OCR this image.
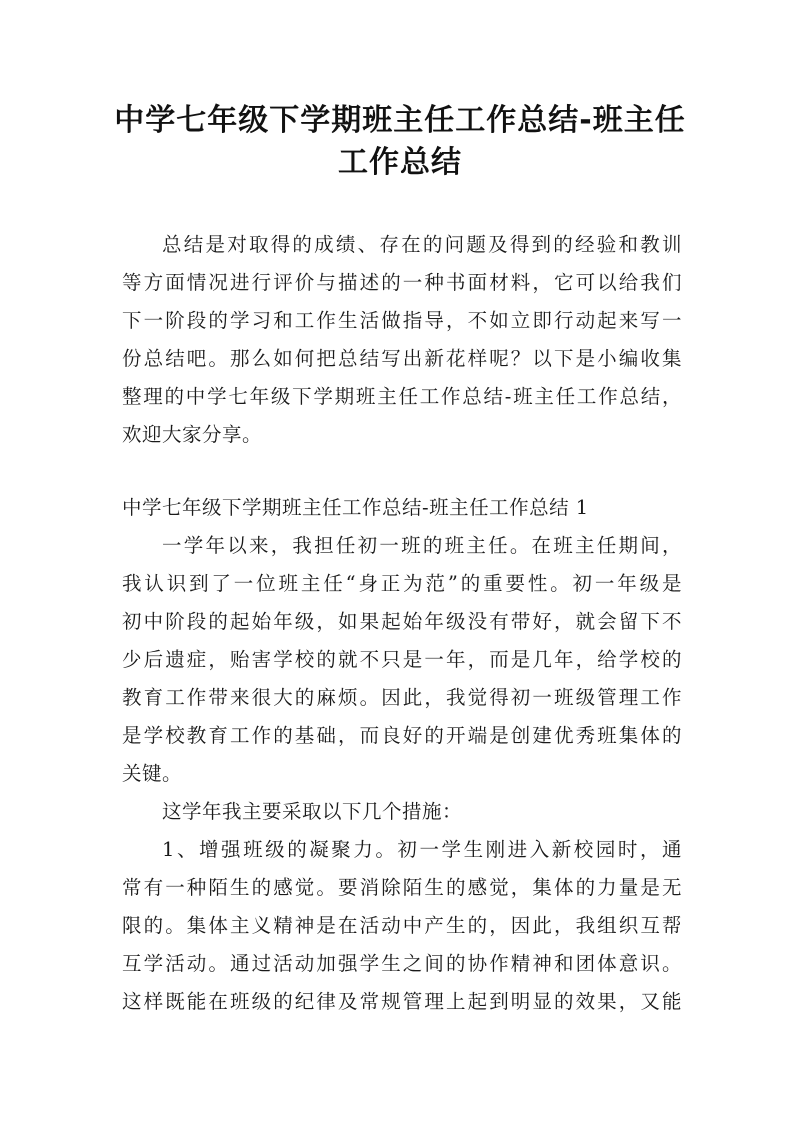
中学七年级下学期班主任工作总结-班主任
工作总结
总结是对取得的成绩、存在的问题及得到的经验和教训
等方面情况进行评价与描述的一种书面材料，它可以给我们
下一阶段的学习和工作生活做指导，不如立即行动起来写一
份总结吧。那么如何把总结写出新花样呢？以下是小编收集
整理的中学七年级下学期班主任工作总结-班主任工作总结，
欢迎大家分享。
中学七年级下学期班主任工作总结-班主任工作总结 1
一学年以来，我担任初一班的班主任。在班主任期间，
我认识到了一位班主任“身正为范”的重要性。初一年级是
初中阶段的起始年级，如果起始年级没有带好，就会留下不
少后遗症，贻害学校的就不只是一年，而是几年，给学校的
教育工作带来很大的麻烦。因此，我觉得初一班级管理工作
是学校教育工作的基础，而良好的开端是创建优秀班集体的
关键。
这学年我主要采取以下几个措施：
1、增强班级的凝聚力。初一学生刚进入新校园时，通
常有一种陌生的感觉。要消除陌生的感觉，集体的力量是无
限的。集体主义精神是在活动中产生的，因此，我组织互帮
互学活动。通过活动加强学生之间的协作精神和团体意识。
这样既能在班级的纪律及常规管理上起到明显的效果，又能
